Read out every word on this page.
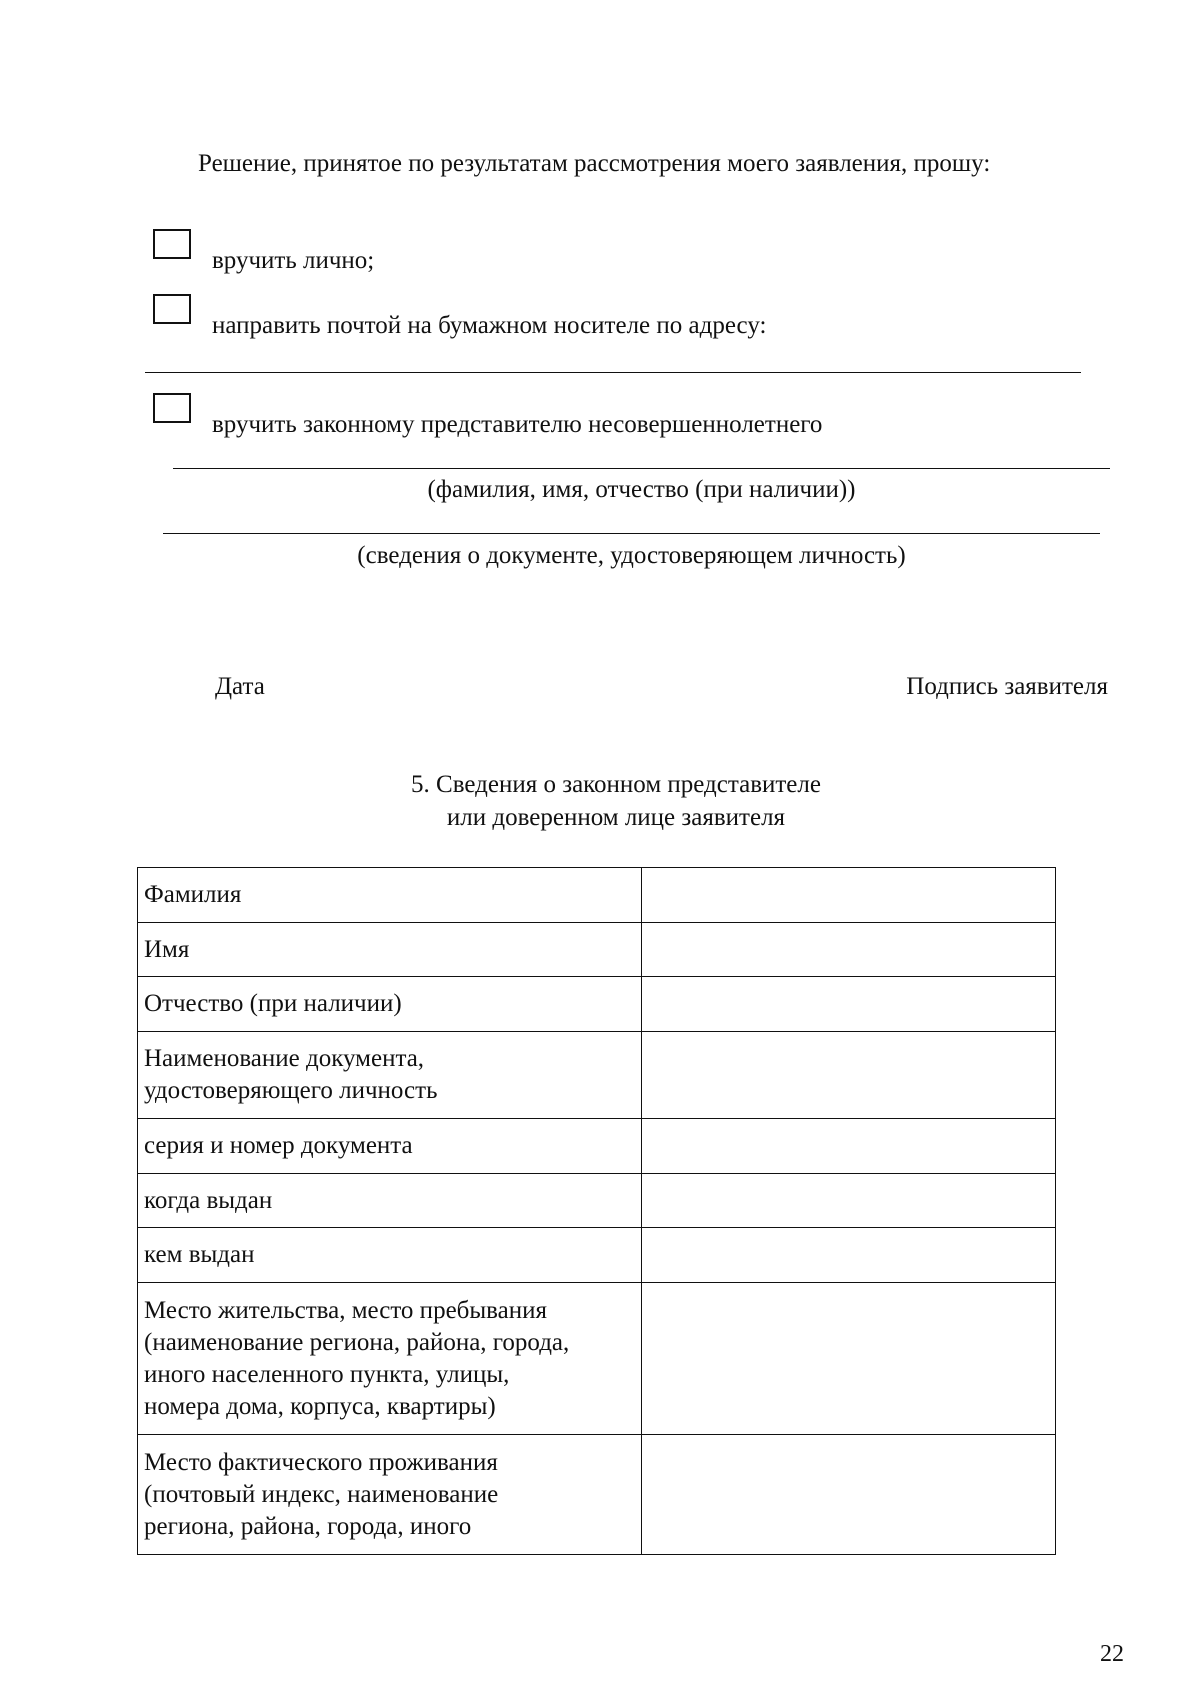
Решение, принятое по результатам рассмотрения моего заявления, прошу:
вручить лично;
направить почтой на бумажном носителе по адресу:
вручить законному представителю несовершеннолетнего
(фамилия, имя, отчество (при наличии))
(сведения о документе, удостоверяющем личность)
Дата	Подпись заявителя
5. Сведения о законном представителе
или доверенном лице заявителя
Фамилия	

Имя	

Отчество (при наличии)	

Наименование документа,
удостоверяющего личность	

серия и номер документа	

когда выдан	

кем выдан	

Место жительства, место пребывания
(наименование региона, района, города,
иного населенного пункта, улицы,
номера дома, корпуса, квартиры)	

Место фактического проживания
(почтовый индекс, наименование
региона, района, города, иного	

22
